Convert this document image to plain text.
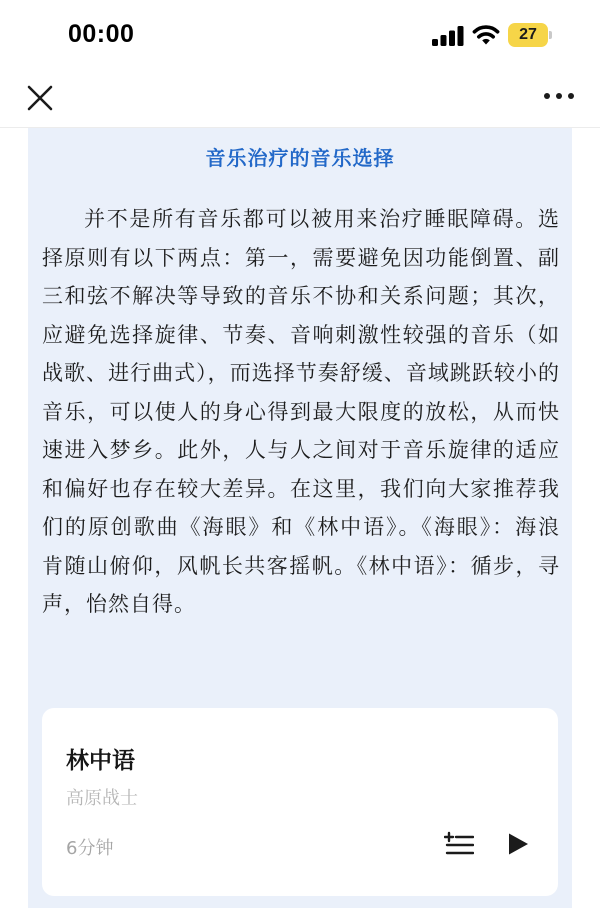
00:00	27
音乐治疗的音乐选择

并不是所有音乐都可以被用来治疗睡眠障碍。选择原则有以下两点：第一，需要避免因功能倒置、副三和弦不解决等导致的音乐不协和关系问题；其次，应避免选择旋律、节奏、音响刺激性较强的音乐（如战歌、进行曲式），而选择节奏舒缓、音域跳跃较小的音乐，可以使人的身心得到最大限度的放松，从而快速进入梦乡。此外，人与人之间对于音乐旋律的适应和偏好也存在较大差异。在这里，我们向大家推荐我们的原创歌曲《海眼》和《林中语》。《海眼》：海浪肯随山俯仰，风帆长共客摇帆。《林中语》：循步，寻声，怡然自得。

林中语
高原战士
6分钟
